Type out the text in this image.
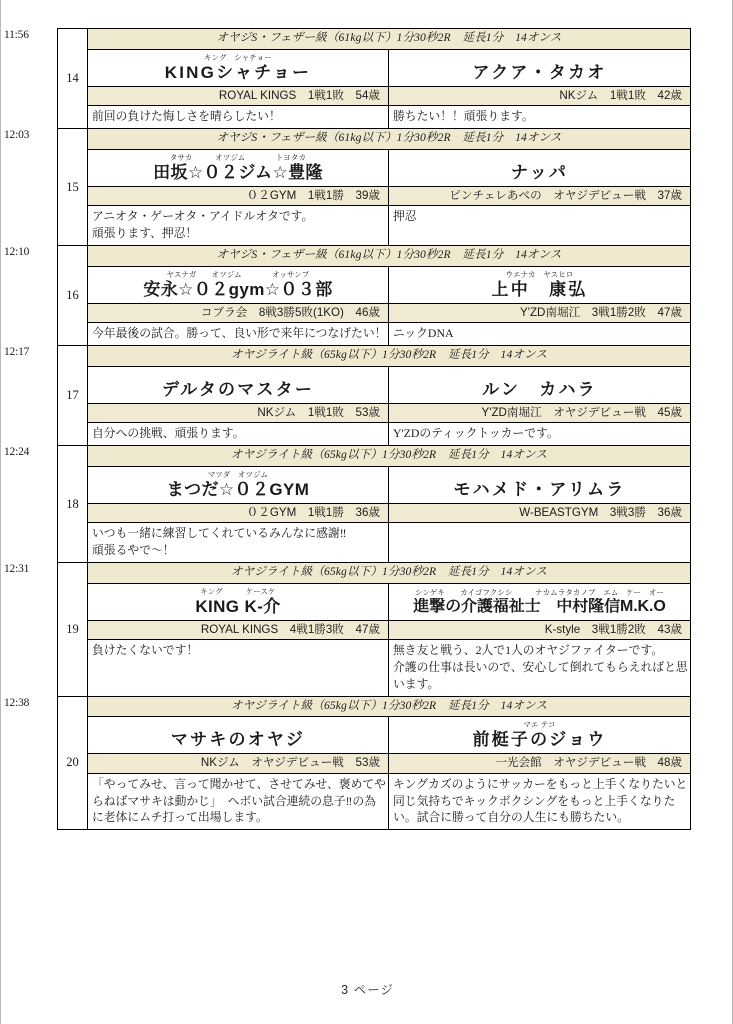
11:56
14
オヤジS・フェザー級（61kg以下）1分30秒2R　延長1分　14オンス
キング　シャチョー
KINGシャチョー
ROYAL KINGS　1戦1敗　54歳
前回の負けた悔しさを晴らしたい！
アクア・タカオ
NKジム　1戦1敗　42歳
勝ちたい！！頑張ります。
12:03
15
オヤジS・フェザー級（61kg以下）1分30秒2R　延長1分　14オンス
タサカ　　　オツジム　　　　トヨタカ
田坂☆０２ジム☆豊隆
０２GYM　1戦1勝　39歳
アニオタ・ゲーオタ・アイドルオタです。
頑張ります、押忍！
ナッパ
ピンチェレあべの　オヤジデビュー戦　37歳
押忍
12:10
16
オヤジS・フェザー級（61kg以下）1分30秒2R　延長1分　14オンス
ヤスナガ　　オツジム　　　　オッサンブ
安永☆０２gym☆０３部
コブラ会　8戦3勝5敗(1KO)　46歳
今年最後の試合。勝って、良い形で来年につなげたい！
ウエナカ　ヤスヒロ
上中　康弘
Y'ZD南堀江　3戦1勝2敗　47歳
ニックDNA
12:17
17
オヤジライト級（65kg以下）1分30秒2R　延長1分　14オンス
デルタのマスター
NKジム　1戦1敗　53歳
自分への挑戦、頑張ります。
ルン　カハラ
Y'ZD南堀江　オヤジデビュー戦　45歳
Y'ZDのティックトッカーです。
12:24
18
オヤジライト級（65kg以下）1分30秒2R　延長1分　14オンス
マツダ　オツジム
まつだ☆０２GYM
０２GYM　1戦1勝　36歳
いつも一緒に練習してくれているみんなに感謝‼
頑張るやで〜！
モハメド・アリムラ
W-BEASTGYM　3戦3勝　36歳
12:31
19
オヤジライト級（65kg以下）1分30秒2R　延長1分　14オンス
キング　　　ケースケ
KING K-介
ROYAL KINGS　4戦1勝3敗　47歳
負けたくないです！
シンゲキ　　カイゴフクシシ　　　ナカムラタカノブ　エム　ケー　オー
進撃の介護福祉士　中村隆信M.K.O
K-style　3戦1勝2敗　43歳
無き友と戦う、2人で1人のオヤジファイターです。
介護の仕事は長いので、安心して倒れてもらえればと思
います。
12:38
20
オヤジライト級（65kg以下）1分30秒2R　延長1分　14オンス
マサキのオヤジ
NKジム　オヤジデビュー戦　53歳
「やってみせ、言って聞かせて、させてみせ、褒めてや
らねばマサキは動かじ」　ヘボい試合連続の息子‼の為
に老体にムチ打って出場します。
マエ テコ
前梃子のジョウ
一光会館　オヤジデビュー戦　48歳
キングカズのようにサッカーをもっと上手くなりたいと
同じ気持ちでキックボクシングをもっと上手くなりた
い。試合に勝って自分の人生にも勝ちたい。
3 ページ
